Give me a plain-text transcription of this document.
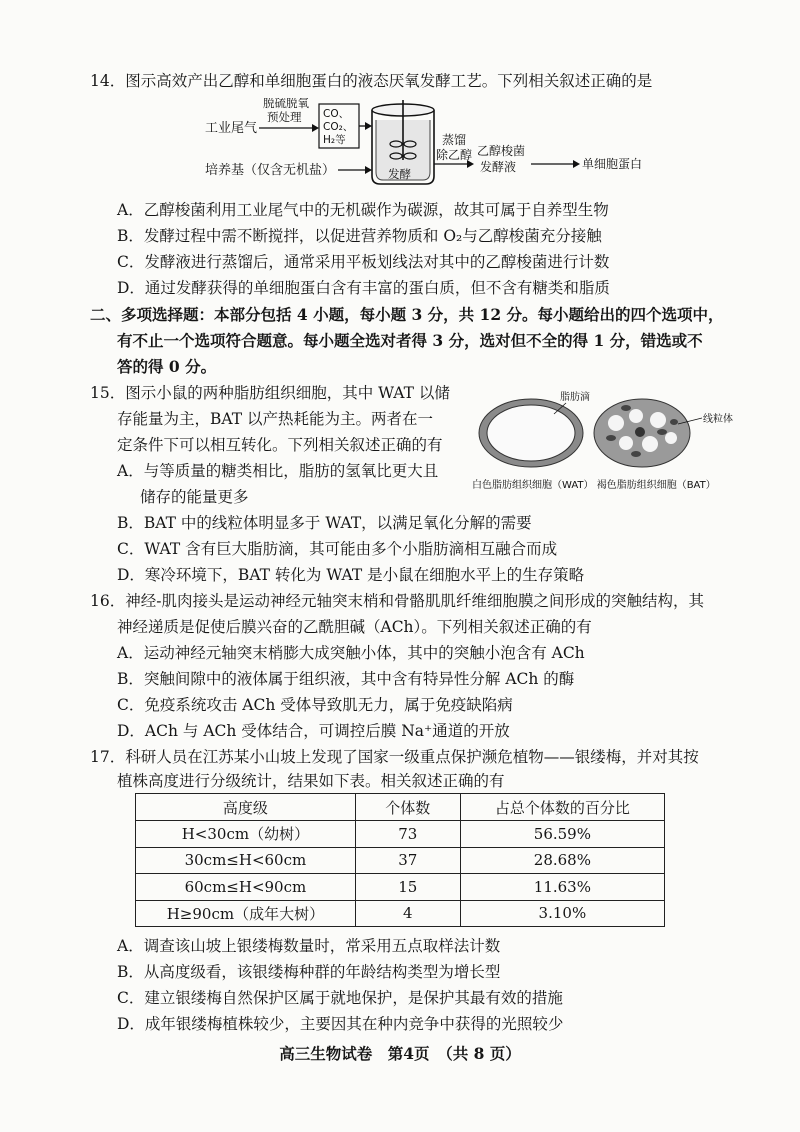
14．图示高效产出乙醇和单细胞蛋白的液态厌氧发酵工艺。下列相关叙述正确的是
工业尾气
脱硫脱氧
预处理 CO、
CO₂、
H₂等
发酵
培养基（仅含无机盐）
蒸馏
除乙醇 乙醇梭菌
发酵液	单细胞蛋白
A．乙醇梭菌利用工业尾气中的无机碳作为碳源，故其可属于自养型生物
B．发酵过程中需不断搅拌，以促进营养物质和 O₂与乙醇梭菌充分接触
C．发酵液进行蒸馏后，通常采用平板划线法对其中的乙醇梭菌进行计数
D．通过发酵获得的单细胞蛋白含有丰富的蛋白质，但不含有糖类和脂质
二、多项选择题：本部分包括 4 小题，每小题 3 分，共 12 分。每小题给出的四个选项中，
有不止一个选项符合题意。每小题全选对者得 3 分，选对但不全的得 1 分，错选或不
答的得 0 分。
15．图示小鼠的两种脂肪组织细胞，其中 WAT 以储
存能量为主，BAT 以产热耗能为主。两者在一
定条件下可以相互转化。下列相关叙述正确的有
脂肪滴
线粒体
白色脂肪组织细胞（WAT） 褐色脂肪组织细胞（BAT）
A．与等质量的糖类相比，脂肪的氢氧比更大且
储存的能量更多
B．BAT 中的线粒体明显多于 WAT，以满足氧化分解的需要
C．WAT 含有巨大脂肪滴，其可能由多个小脂肪滴相互融合而成
D．寒冷环境下，BAT 转化为 WAT 是小鼠在细胞水平上的生存策略
16．神经-肌肉接头是运动神经元轴突末梢和骨骼肌肌纤维细胞膜之间形成的突触结构，其
神经递质是促使后膜兴奋的乙酰胆碱（ACh）。下列相关叙述正确的有
A．运动神经元轴突末梢膨大成突触小体，其中的突触小泡含有 ACh
B．突触间隙中的液体属于组织液，其中含有特异性分解 ACh 的酶
C．免疫系统攻击 ACh 受体导致肌无力，属于免疫缺陷病
D．ACh 与 ACh 受体结合，可调控后膜 Na⁺通道的开放
17．科研人员在江苏某小山坡上发现了国家一级重点保护濒危植物——银缕梅，并对其按
植株高度进行分级统计，结果如下表。相关叙述正确的有
高度级	个体数	占总个体数的百分比
H<30cm（幼树）	73	56.59%
30cm≤H<60cm	37	28.68%
60cm≤H<90cm	15	11.63%
H≥90cm（成年大树）	4	3.10%
A．调查该山坡上银缕梅数量时，常采用五点取样法计数
B．从高度级看，该银缕梅种群的年龄结构类型为增长型
C．建立银缕梅自然保护区属于就地保护，是保护其最有效的措施
D．成年银缕梅植株较少，主要因其在种内竞争中获得的光照较少
高三生物试卷　第4页　（共 8 页）
